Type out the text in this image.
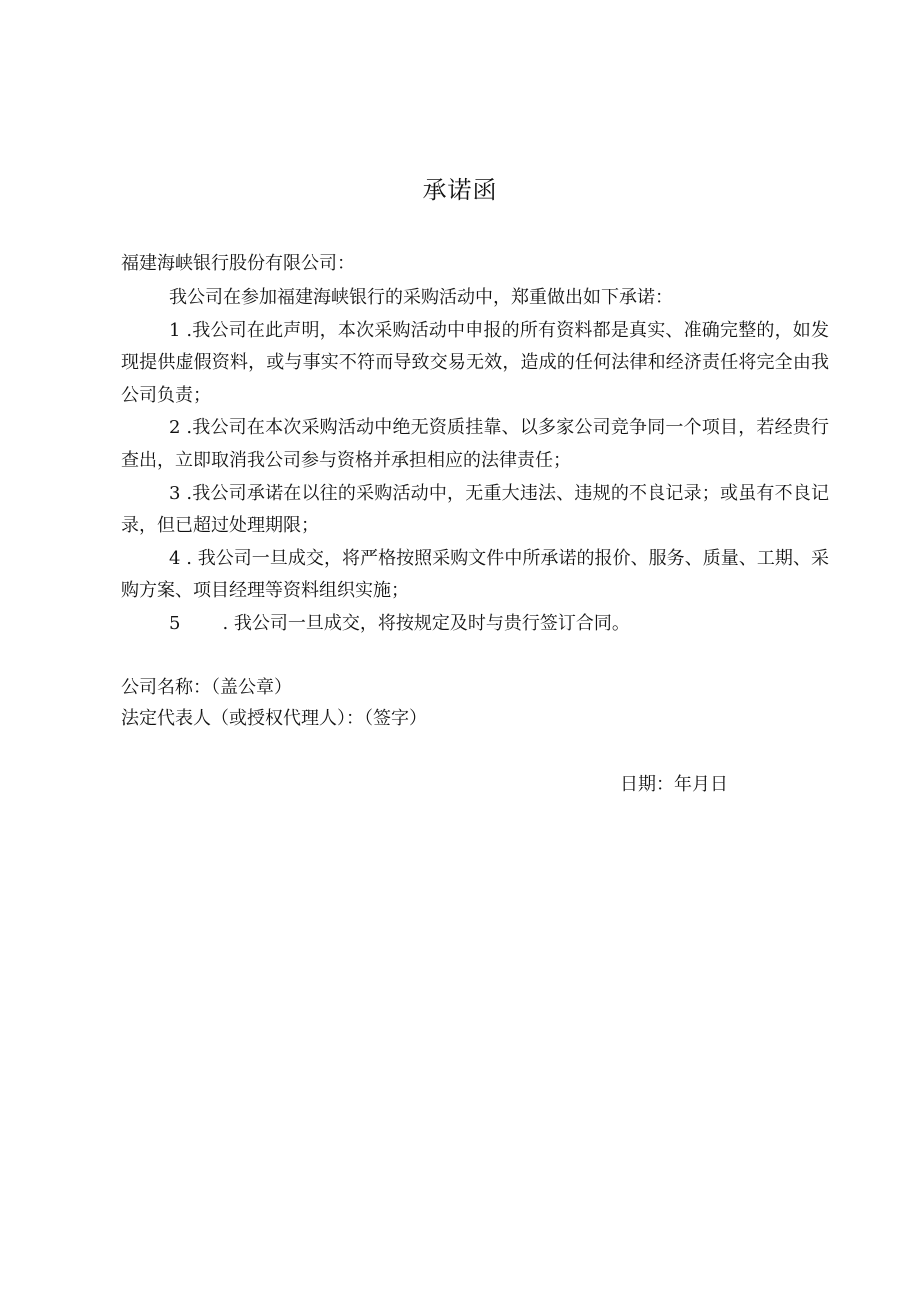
承诺函
福建海峡银行股份有限公司：

我公司在参加福建海峡银行的采购活动中，郑重做出如下承诺：

1 .我公司在此声明，本次采购活动中申报的所有资料都是真实、准确完整的，如发现提供虚假资料，或与事实不符而导致交易无效，造成的任何法律和经济责任将完全由我公司负责；

2 .我公司在本次采购活动中绝无资质挂靠、以多家公司竞争同一个项目，若经贵行查出，立即取消我公司参与资格并承担相应的法律责任；

3 .我公司承诺在以往的采购活动中，无重大违法、违规的不良记录；或虽有不良记录，但已超过处理期限；

4 . 我公司一旦成交，将严格按照采购文件中所承诺的报价、服务、质量、工期、采购方案、项目经理等资料组织实施；

5 . 我公司一旦成交，将按规定及时与贵行签订合同。

公司名称：（盖公章）
法定代表人（或授权代理人）：（签字）
日期：年月日
